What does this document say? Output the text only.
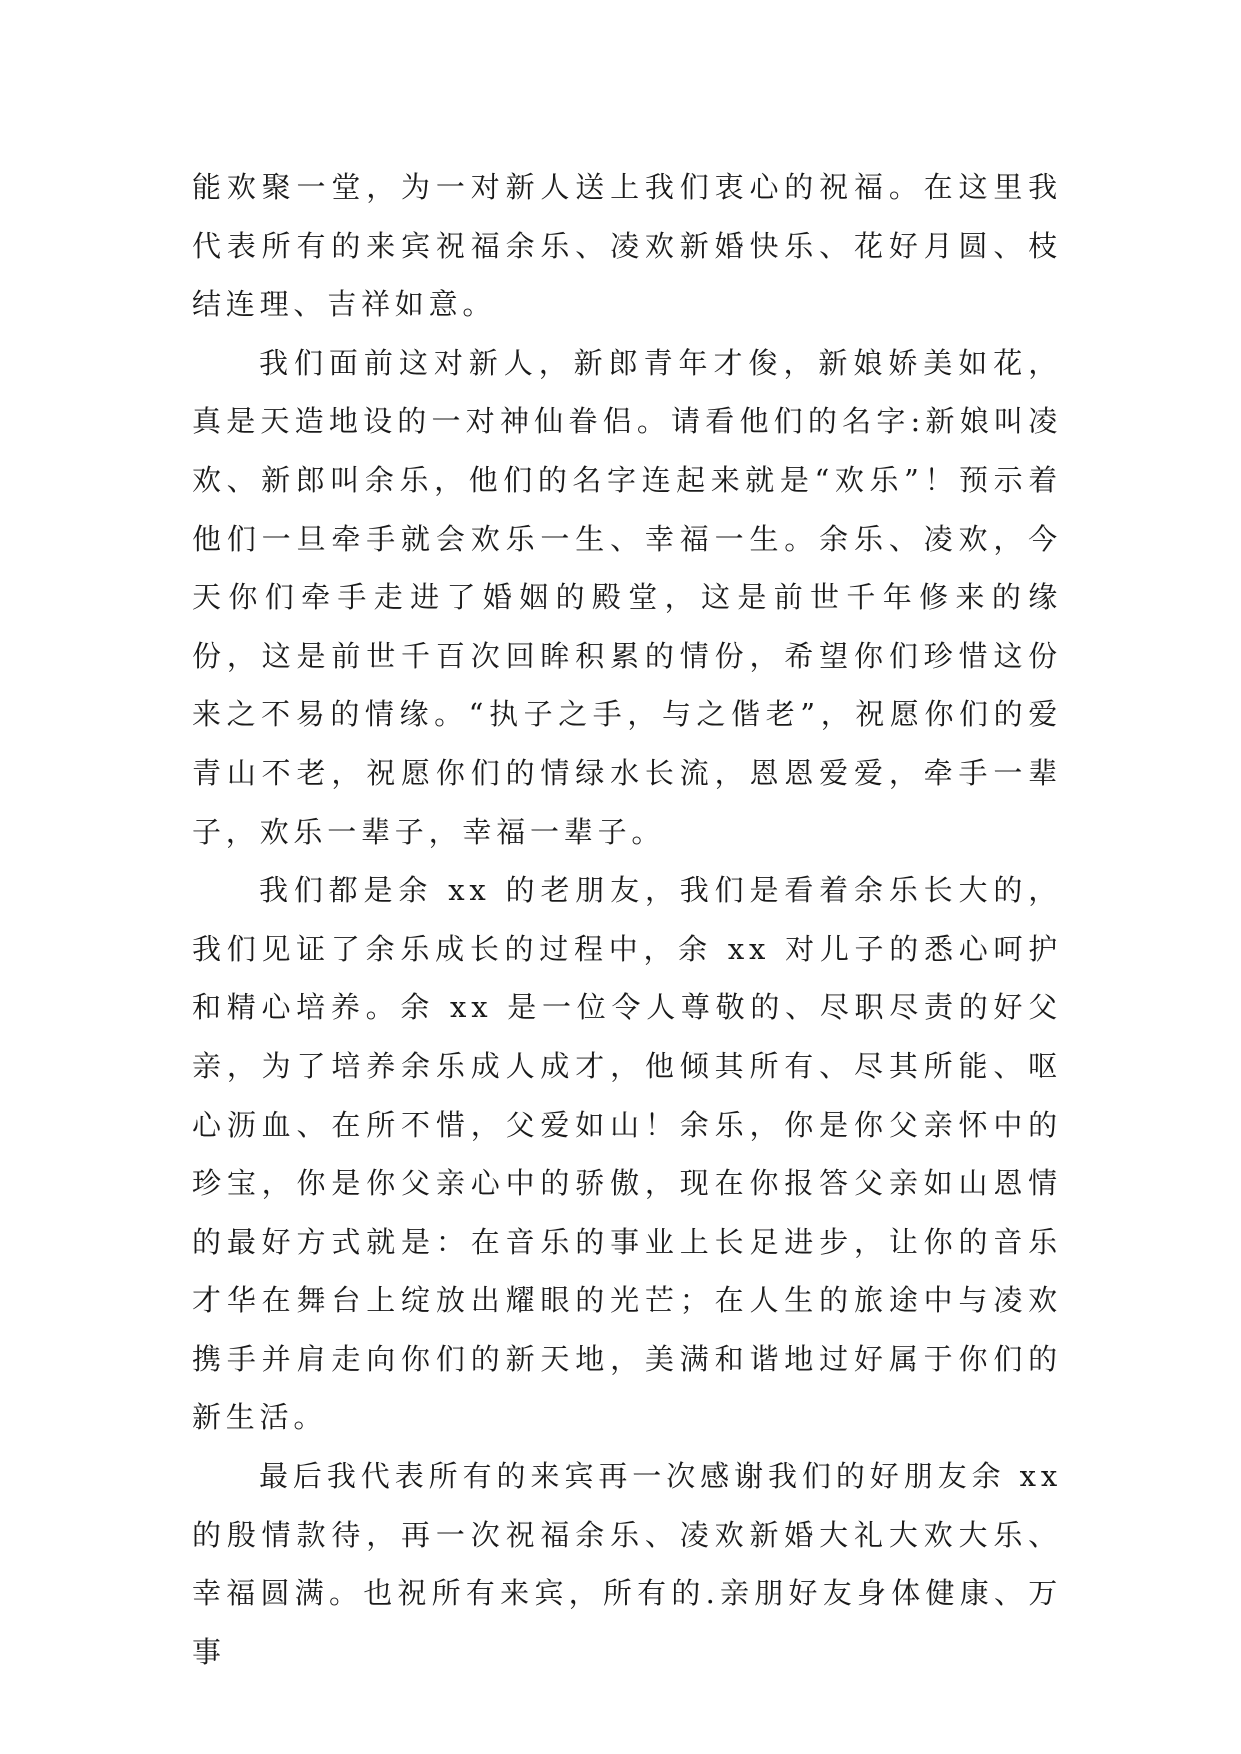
能欢聚一堂，为一对新人送上我们衷心的祝福。在这里我代表所有的来宾祝福余乐、凌欢新婚快乐、花好月圆、枝结连理、吉祥如意。

我们面前这对新人，新郎青年才俊，新娘娇美如花，真是天造地设的一对神仙眷侣。请看他们的名字:新娘叫凌欢、新郎叫余乐，他们的名字连起来就是“欢乐”！预示着他们一旦牵手就会欢乐一生、幸福一生。余乐、凌欢，今天你们牵手走进了婚姻的殿堂，这是前世千年修来的缘份，这是前世千百次回眸积累的情份，希望你们珍惜这份来之不易的情缘。“执子之手，与之偕老”，祝愿你们的爱青山不老，祝愿你们的情绿水长流，恩恩爱爱，牵手一辈子，欢乐一辈子，幸福一辈子。

我们都是余 xx 的老朋友，我们是看着余乐长大的，我们见证了余乐成长的过程中，余 xx 对儿子的悉心呵护和精心培养。余 xx 是一位令人尊敬的、尽职尽责的好父亲，为了培养余乐成人成才，他倾其所有、尽其所能、呕心沥血、在所不惜，父爱如山！余乐，你是你父亲怀中的珍宝，你是你父亲心中的骄傲，现在你报答父亲如山恩情的最好方式就是：在音乐的事业上长足进步，让你的音乐才华在舞台上绽放出耀眼的光芒；在人生的旅途中与凌欢携手并肩走向你们的新天地，美满和谐地过好属于你们的新生活。

最后我代表所有的来宾再一次感谢我们的好朋友余 xx 的殷情款待，再一次祝福余乐、凌欢新婚大礼大欢大乐、幸福圆满。也祝所有来宾，所有的.亲朋好友身体健康、万事
